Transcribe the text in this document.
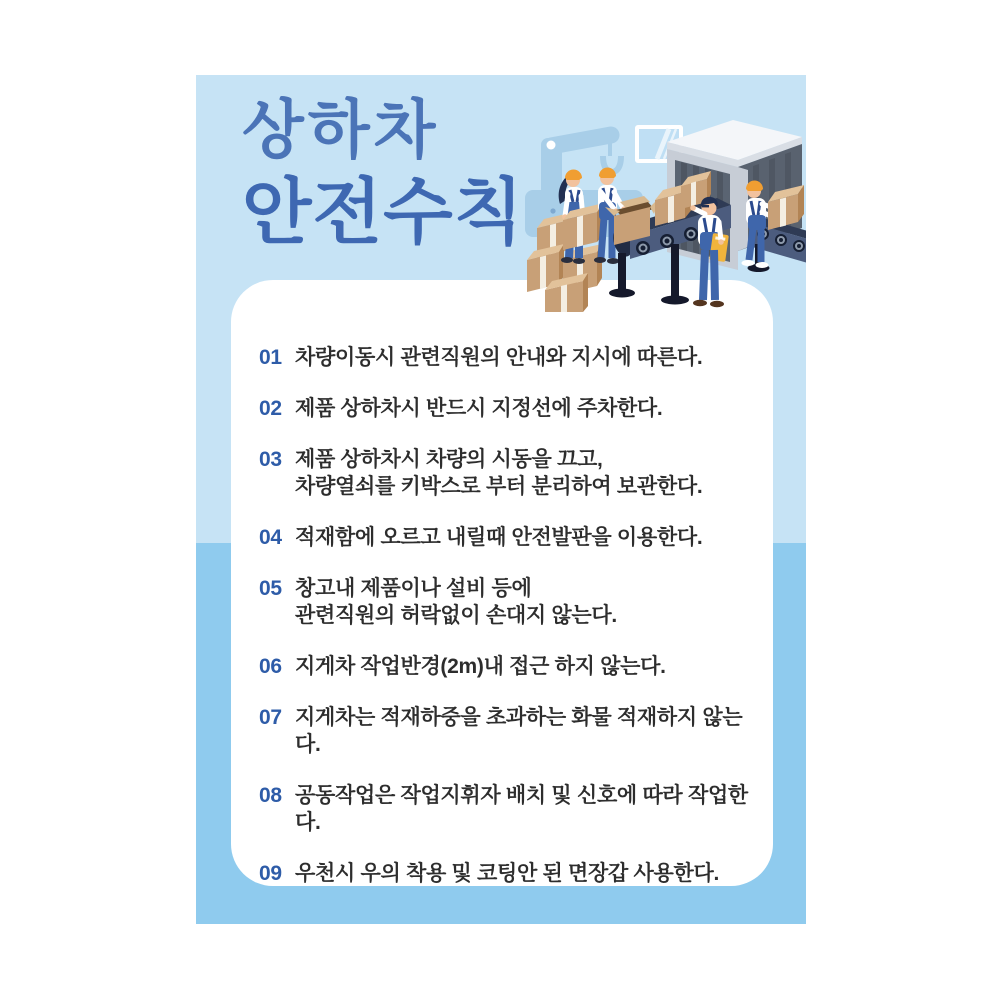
상하차
안전수칙
01 차량이동시 관련직원의 안내와 지시에 따른다.
02 제품 상하차시 반드시 지정선에 주차한다.
03 제품 상하차시 차량의 시동을 끄고,
차량열쇠를 키박스로 부터 분리하여 보관한다.
04 적재함에 오르고 내릴때 안전발판을 이용한다.
05 창고내 제품이나 설비 등에
관련직원의 허락없이 손대지 않는다.
06 지게차 작업반경(2m)내 접근 하지 않는다.
07 지게차는 적재하중을 초과하는 화물 적재하지 않는다.
08 공동작업은 작업지휘자 배치 및 신호에 따라 작업한다.
09 우천시 우의 착용 및 코팅안 된 면장갑 사용한다.
